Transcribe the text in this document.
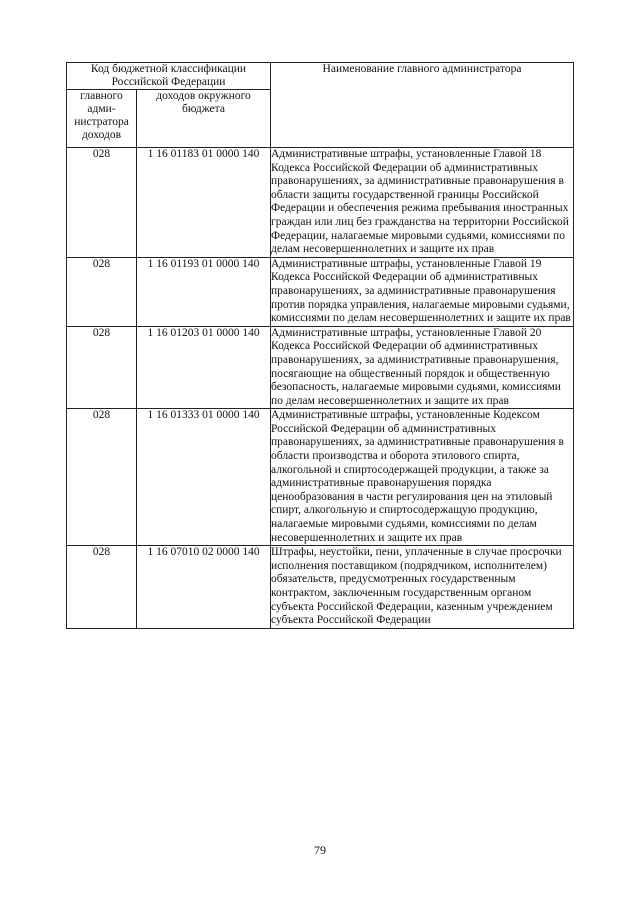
Код бюджетной классификации Российской Федерации		Наименование главного администратора
главного адми-нистратора доходов	доходов окружного бюджета	
028	1 16 01183 01 0000 140	Административные штрафы, установленные Главой 18 Кодекса Российской Федерации об административных правонарушениях, за административные правонарушения в области защиты государственной границы Российской Федерации и обеспечения режима пребывания иностранных граждан или лиц без гражданства на территории Российской Федерации, налагаемые мировыми судьями, комиссиями по делам несовершеннолетних и защите их прав
028	1 16 01193 01 0000 140	Административные штрафы, установленные Главой 19 Кодекса Российской Федерации об административных правонарушениях, за административные правонарушения против порядка управления, налагаемые мировыми судьями, комиссиями по делам несовершеннолетних и защите их прав
028	1 16 01203 01 0000 140	Административные штрафы, установленные Главой 20 Кодекса Российской Федерации об административных правонарушениях, за административные правонарушения, посягающие на общественный порядок и общественную безопасность, налагаемые мировыми судьями, комиссиями по делам несовершеннолетних и защите их прав
028	1 16 01333 01 0000 140	Административные штрафы, установленные Кодексом Российской Федерации об административных правонарушениях, за административные правонарушения в области производства и оборота этилового спирта, алкогольной и спиртосодержащей продукции, а также за административные правонарушения порядка ценообразования в части регулирования цен на этиловый спирт, алкогольную и спиртосодержащую продукцию, налагаемые мировыми судьями, комиссиями по делам несовершеннолетних и защите их прав
028	1 16 07010 02 0000 140	Штрафы, неустойки, пени, уплаченные в случае просрочки исполнения поставщиком (подрядчиком, исполнителем) обязательств, предусмотренных государственным контрактом, заключенным государственным органом субъекта Российской Федерации, казенным учреждением субъекта Российской Федерации
79
